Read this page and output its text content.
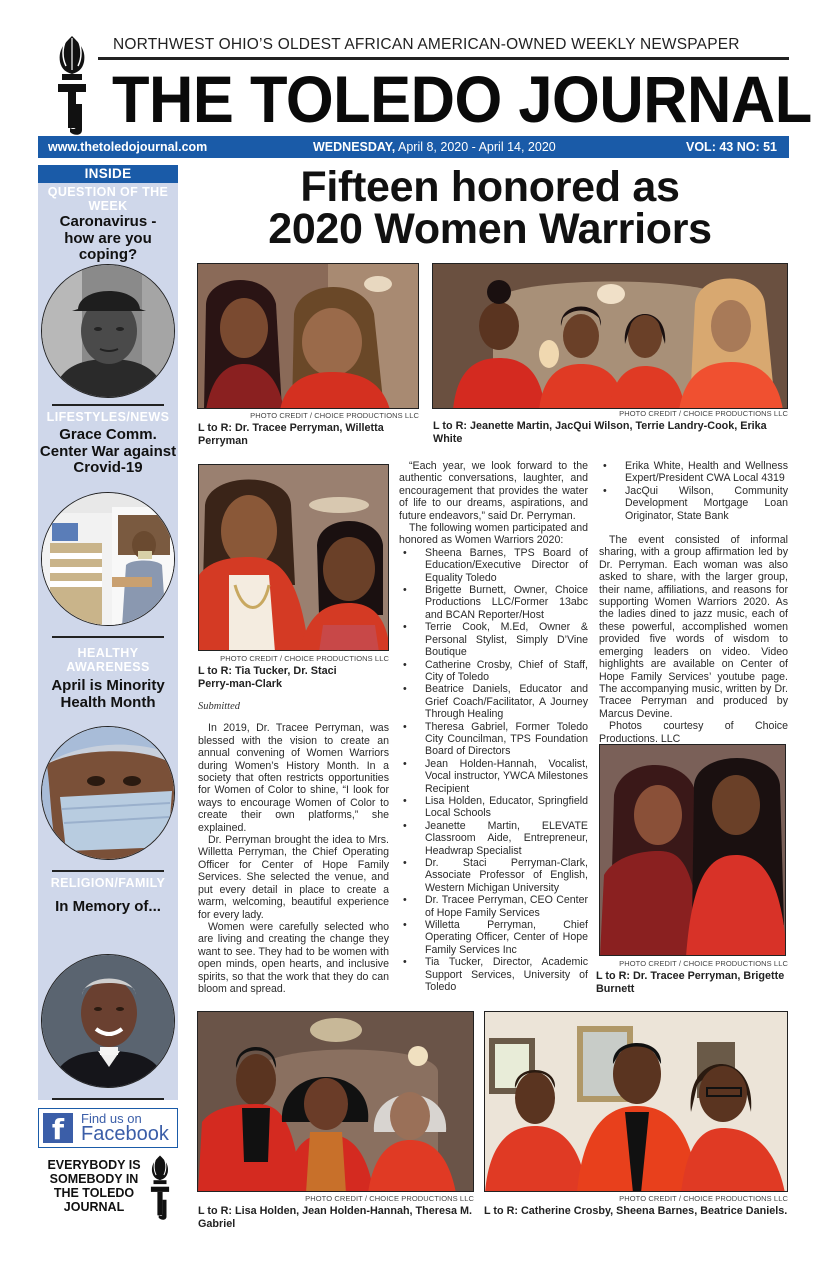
NORTHWEST OHIO’S OLDEST AFRICAN AMERICAN-OWNED WEEKLY NEWSPAPER
THE TOLEDO JOURNAL
www.thetoledojournal.com	WEDNESDAY, April 8, 2020 - April 14, 2020	VOL: 43 NO: 51
INSIDE
QUESTION OF THE WEEK
Caronavirus - how are you coping?
LIFESTYLES/NEWS
Grace Comm. Center War against Crovid-19
HEALTHY AWARENESS
April is Minority Health Month
RELIGION/FAMILY
In Memory of...
f	Find us on
Facebook
EVERYBODY IS SOMEBODY IN THE TOLEDO JOURNAL
Fifteen honored as
2020 Women Warriors
PHOTO CREDIT / CHOICE PRODUCTIONS LLC
L to R: Dr. Tracee Perryman, Willetta Perryman
PHOTO CREDIT / CHOICE PRODUCTIONS LLC
L to R: Jeanette Martin, JacQui Wilson, Terrie Landry-Cook, Erika White
PHOTO CREDIT / CHOICE PRODUCTIONS LLC
L to R: Tia Tucker, Dr. Staci Perry-man-Clark
PHOTO CREDIT / CHOICE PRODUCTIONS LLC
L to R: Dr. Tracee Perryman, Brigette Burnett
PHOTO CREDIT / CHOICE PRODUCTIONS LLC
L to R: Lisa Holden, Jean Holden-Hannah, Theresa M. Gabriel
PHOTO CREDIT / CHOICE PRODUCTIONS LLC
L to R: Catherine Crosby, Sheena Barnes, Beatrice Daniels.
Submitted

In 2019, Dr. Tracee Perryman, was blessed with the vision to create an annual convening of Women Warriors during Women’s History Month. In a society that often restricts opportunities for Women of Color to shine, “I look for ways to encourage Women of Color to create their own platforms,” she explained.

Dr. Perryman brought the idea to Mrs. Willetta Perryman, the Chief Operating Officer for Center of Hope Family Services. She selected the venue, and put every detail in place to create a warm, welcoming, beautiful experience for every lady.

Women were carefully selected who are living and creating the change they want to see. They had to be women with open minds, open hearts, and inclusive spirits, so that the work that they do can bloom and spread.

“Each year, we look forward to the authentic conversations, laughter, and encouragement that provides the water of life to our dreams, aspirations, and future endeavors,” said Dr. Perryman.

The following women participated and honored as Women Warriors 2020:

• Sheena Barnes, TPS Board of Education/Executive Director of Equality Toledo
• Brigette Burnett, Owner, Choice Productions LLC/Former 13abc and BCAN Reporter/Host
• Terrie Cook, M.Ed, Owner & Personal Stylist, Simply D’Vine Boutique
• Catherine Crosby, Chief of Staff, City of Toledo
• Beatrice Daniels, Educator and Grief Coach/Facilitator, A Journey Through Healing
• Theresa Gabriel, Former Toledo City Councilman, TPS Foundation Board of Directors
• Jean Holden-Hannah, Vocalist, Vocal instructor, YWCA Milestones Recipient
• Lisa Holden, Educator, Springfield Local Schools
• Jeanette Martin, ELEVATE Classroom Aide, Entrepreneur, Headwrap Specialist
• Dr. Staci Perryman-Clark, Associate Professor of English, Western Michigan University
• Dr. Tracee Perryman, CEO Center of Hope Family Services
• Willetta Perryman, Chief Operating Officer, Center of Hope Family Services Inc
• Tia Tucker, Director, Academic Support Services, University of Toledo
• Erika White, Health and Wellness Expert/President CWA Local 4319
• JacQui Wilson, Community Development Mortgage Loan Originator, State Bank

The event consisted of informal sharing, with a group affirmation led by Dr. Perryman. Each woman was also asked to share, with the larger group, their name, affiliations, and reasons for supporting Women Warriors 2020. As the ladies dined to jazz music, each of these powerful, accomplished women provided five words of wisdom to emerging leaders on video. Video highlights are available on Center of Hope Family Services’ youtube page. The accompanying music, written by Dr. Tracee Perryman and produced by Marcus Devine.

Photos courtesy of Choice Productions. LLC
